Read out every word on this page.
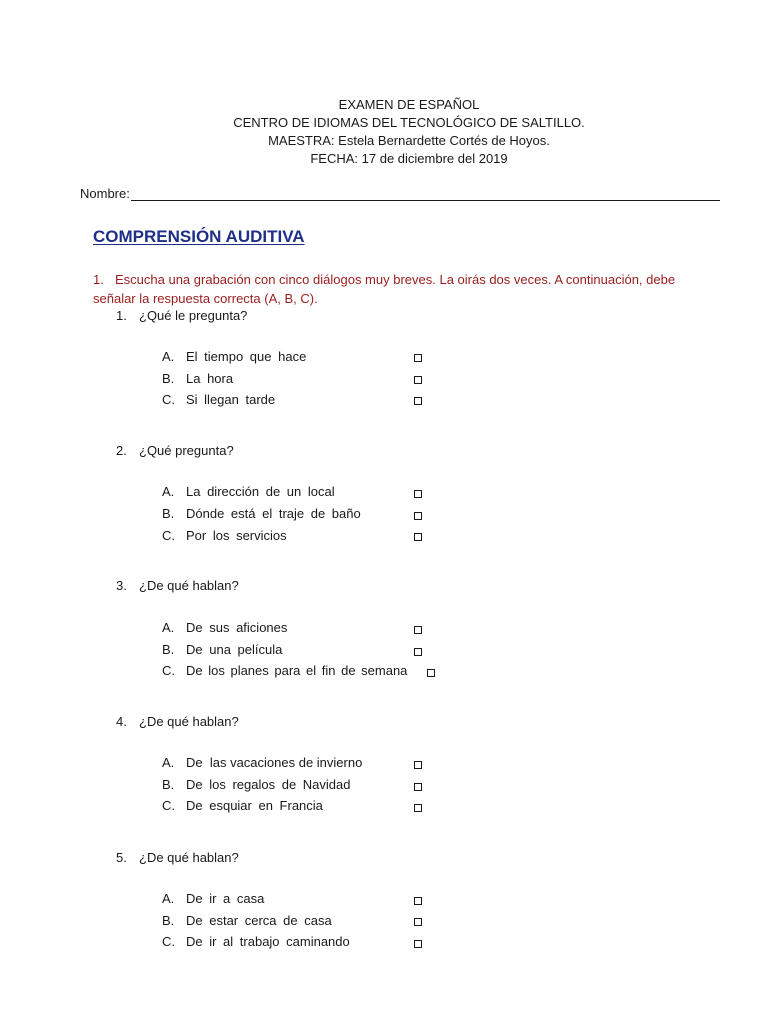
EXAMEN DE ESPAÑOL
CENTRO DE IDIOMAS DEL TECNOLÓGICO DE SALTILLO.
MAESTRA: Estela Bernardette Cortés de Hoyos.
FECHA: 17 de diciembre del 2019
Nombre:
COMPRENSIÓN AUDITIVA
1. Escucha una grabación con cinco diálogos muy breves. La oirás dos veces. A continuación, debe señalar la respuesta correcta (A, B, C).
1. ¿Qué le pregunta?
A. El tiempo que hace
B. La hora
C. Si llegan tarde
2. ¿Qué pregunta?
A. La dirección de un local
B. Dónde está el traje de baño
C. Por los servicios
3. ¿De qué hablan?
A. De sus aficiones
B. De una película
C. De los planes para el fin de semana
4. ¿De qué hablan?
A. De  las vacaciones de invierno
B. De los regalos de Navidad
C. De esquiar en Francia
5. ¿De qué hablan?
A. De ir a casa
B. De estar cerca de casa
C. De ir al trabajo caminando
